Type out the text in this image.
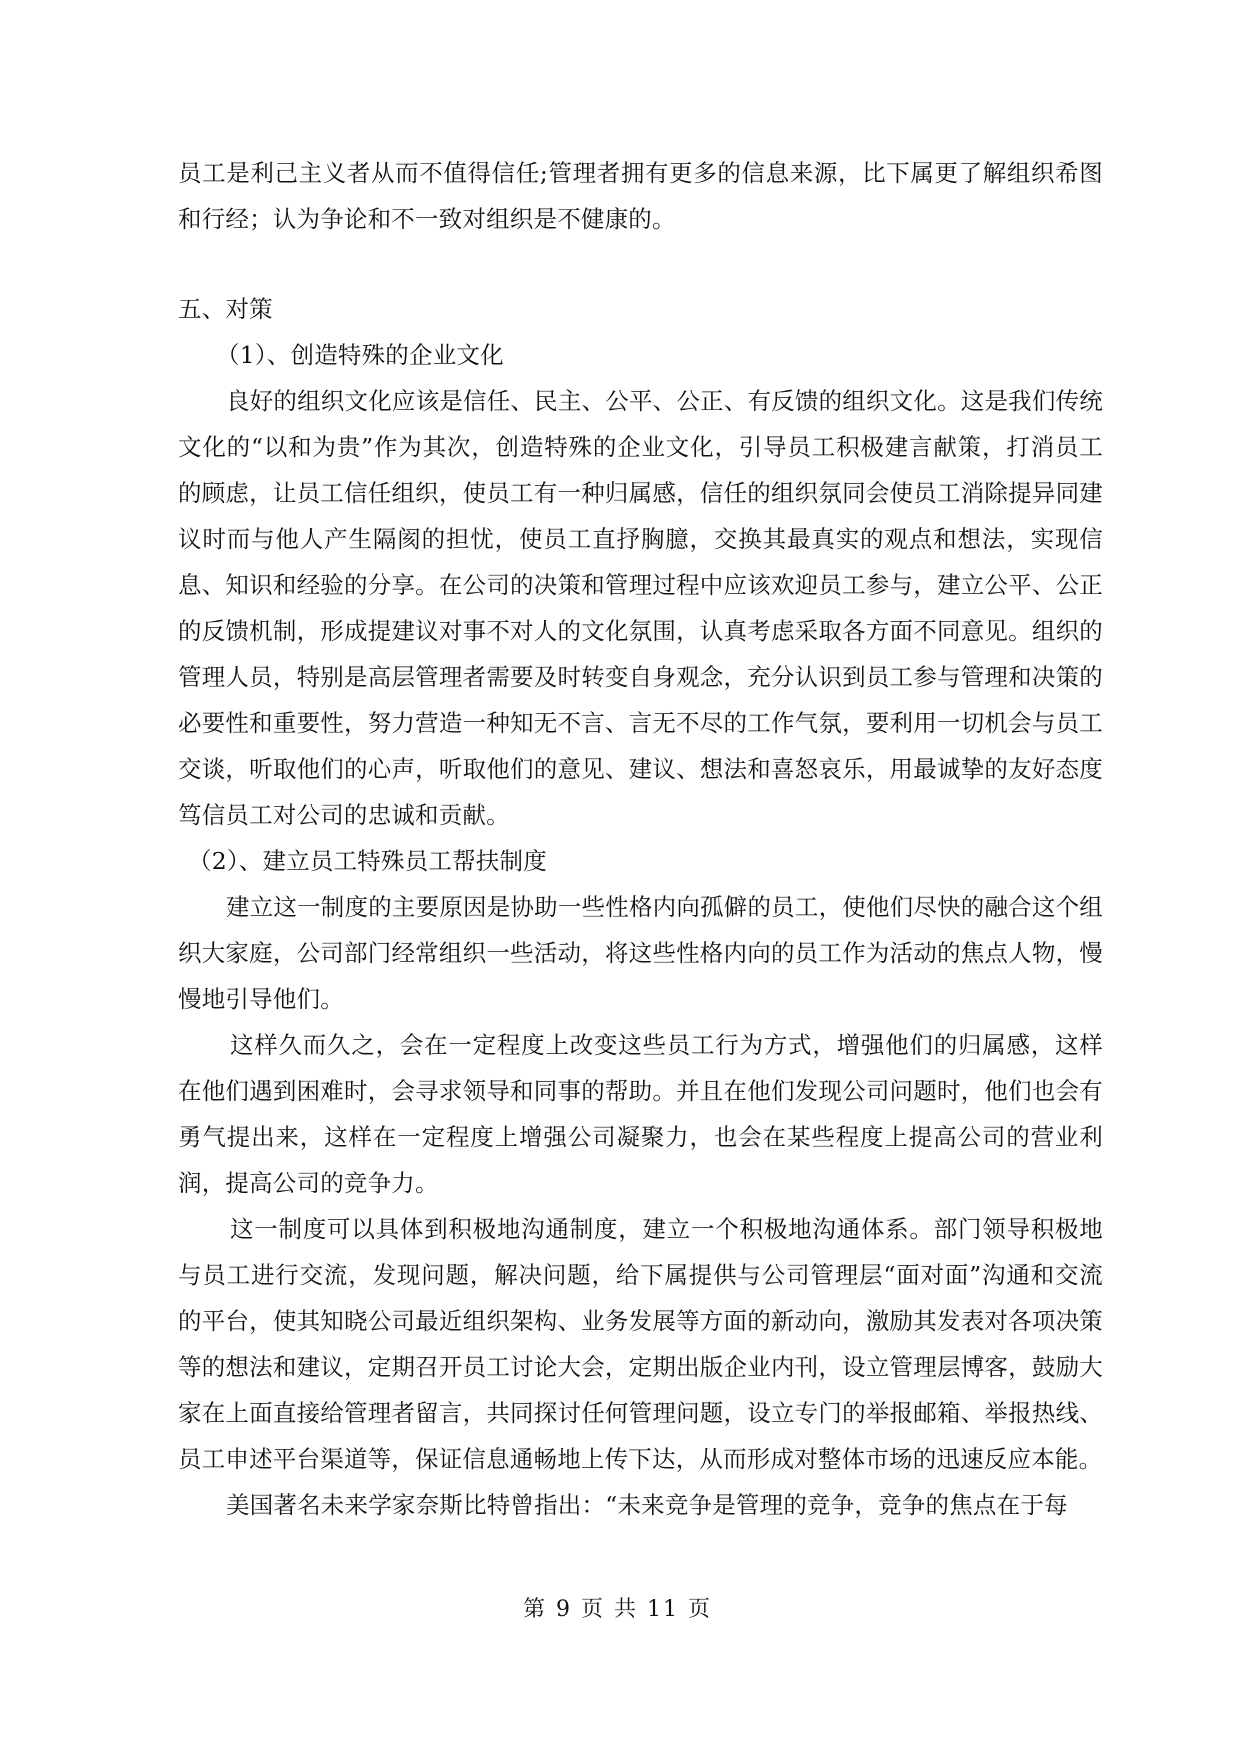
员工是利己主义者从而不值得信任;管理者拥有更多的信息来源，比下属更了解组织希图和行经；认为争论和不一致对组织是不健康的。
五、对策
（1）、创造特殊的企业文化
良好的组织文化应该是信任、民主、公平、公正、有反馈的组织文化。这是我们传统文化的“以和为贵”作为其次，创造特殊的企业文化，引导员工积极建言献策，打消员工的顾虑，让员工信任组织，使员工有一种归属感，信任的组织氛同会使员工消除提异同建议时而与他人产生隔阂的担忧，使员工直抒胸臆，交换其最真实的观点和想法，实现信息、知识和经验的分享。在公司的决策和管理过程中应该欢迎员工参与，建立公平、公正的反馈机制，形成提建议对事不对人的文化氛围，认真考虑采取各方面不同意见。组织的管理人员，特别是高层管理者需要及时转变自身观念，充分认识到员工参与管理和决策的必要性和重要性，努力营造一种知无不言、言无不尽的工作气氛，要利用一切机会与员工交谈，听取他们的心声，听取他们的意见、建议、想法和喜怒哀乐，用最诚挚的友好态度笃信员工对公司的忠诚和贡献。
（2）、建立员工特殊员工帮扶制度
建立这一制度的主要原因是协助一些性格内向孤僻的员工，使他们尽快的融合这个组织大家庭，公司部门经常组织一些活动，将这些性格内向的员工作为活动的焦点人物，慢慢地引导他们。
这样久而久之，会在一定程度上改变这些员工行为方式，增强他们的归属感，这样在他们遇到困难时，会寻求领导和同事的帮助。并且在他们发现公司问题时，他们也会有勇气提出来，这样在一定程度上增强公司凝聚力，也会在某些程度上提高公司的营业利润，提高公司的竞争力。
这一制度可以具体到积极地沟通制度，建立一个积极地沟通体系。部门领导积极地与员工进行交流，发现问题，解决问题，给下属提供与公司管理层“面对面”沟通和交流的平台，使其知晓公司最近组织架构、业务发展等方面的新动向，激励其发表对各项决策等的想法和建议，定期召开员工讨论大会，定期出版企业内刊，设立管理层博客，鼓励大家在上面直接给管理者留言，共同探讨任何管理问题，设立专门的举报邮箱、举报热线、员工申述平台渠道等，保证信息通畅地上传下达，从而形成对整体市场的迅速反应本能。
美国著名未来学家奈斯比特曾指出：“未来竞争是管理的竞争，竞争的焦点在于每
第 9 页 共 11 页
